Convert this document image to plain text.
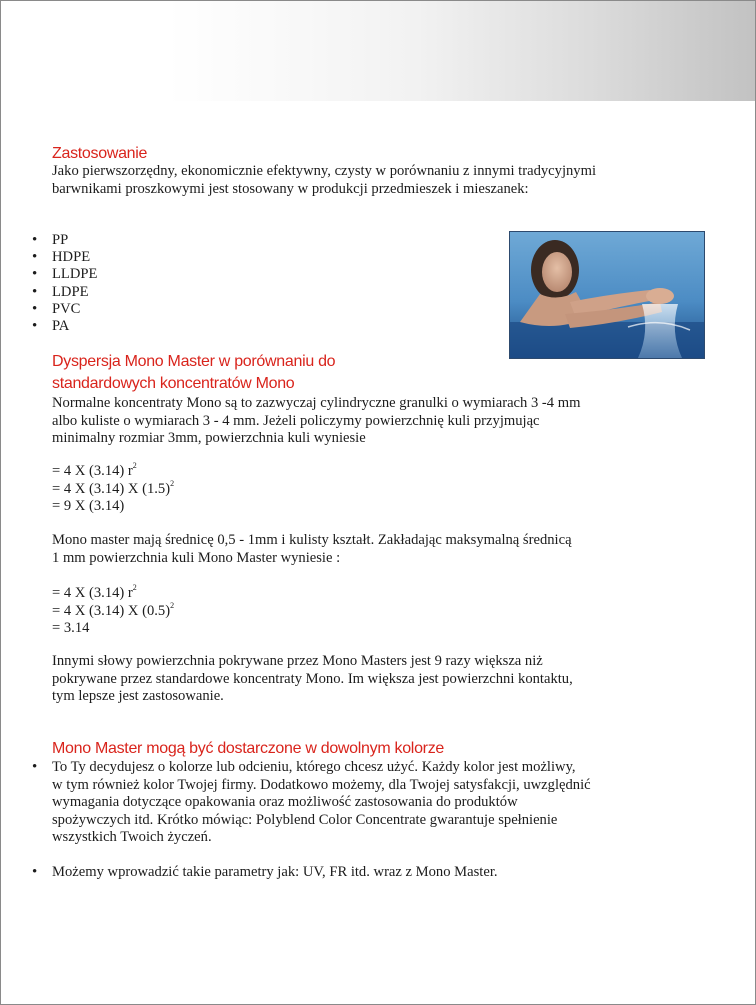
Zastosowanie
Jako pierwszorzędny, ekonomicznie efektywny, czysty w porównaniu z innymi tradycyjnymi
barwnikami proszkowymi jest stosowany w produkcji przedmieszek i mieszanek:
• PP
• HDPE
• LLDPE
• LDPE
• PVC
• PA
Dyspersja Mono Master w porównaniu do
standardowych koncentratów Mono
Normalne koncentraty Mono są to zazwyczaj cylindryczne granulki o wymiarach 3 -4 mm
albo kuliste o wymiarach 3 - 4 mm. Jeżeli policzymy powierzchnię kuli przyjmując
minimalny rozmiar 3mm, powierzchnia kuli wyniesie
= 4 X (3.14) $r^2$
= 4 X (3.14) X $(1.5)^2$
= 9 X (3.14)
Mono master mają średnicę 0,5 - 1mm i kulisty kształt. Zakładając maksymalną średnicą
1 mm powierzchnia kuli Mono Master wyniesie :
= 4 X (3.14) $r^2$
= 4 X (3.14) X $(0.5)^2$
= 3.14
Innymi słowy powierzchnia pokrywane przez Mono Masters jest 9 razy większa niż
pokrywane przez standardowe koncentraty Mono. Im większa jest powierzchni kontaktu,
tym lepsze jest zastosowanie.
Mono Master mogą być dostarczone w dowolnym kolorze
• To Ty decydujesz o kolorze lub odcieniu, którego chcesz użyć. Każdy kolor jest możliwy,
w tym również kolor Twojej firmy. Dodatkowo możemy, dla Twojej satysfakcji, uwzględnić
wymagania dotyczące opakowania oraz możliwość zastosowania do produktów
spożywczych itd. Krótko mówiąc: Polyblend Color Concentrate gwarantuje spełnienie
wszystkich Twoich życzeń.
• Możemy wprowadzić takie parametry jak: UV, FR itd. wraz z Mono Master.
